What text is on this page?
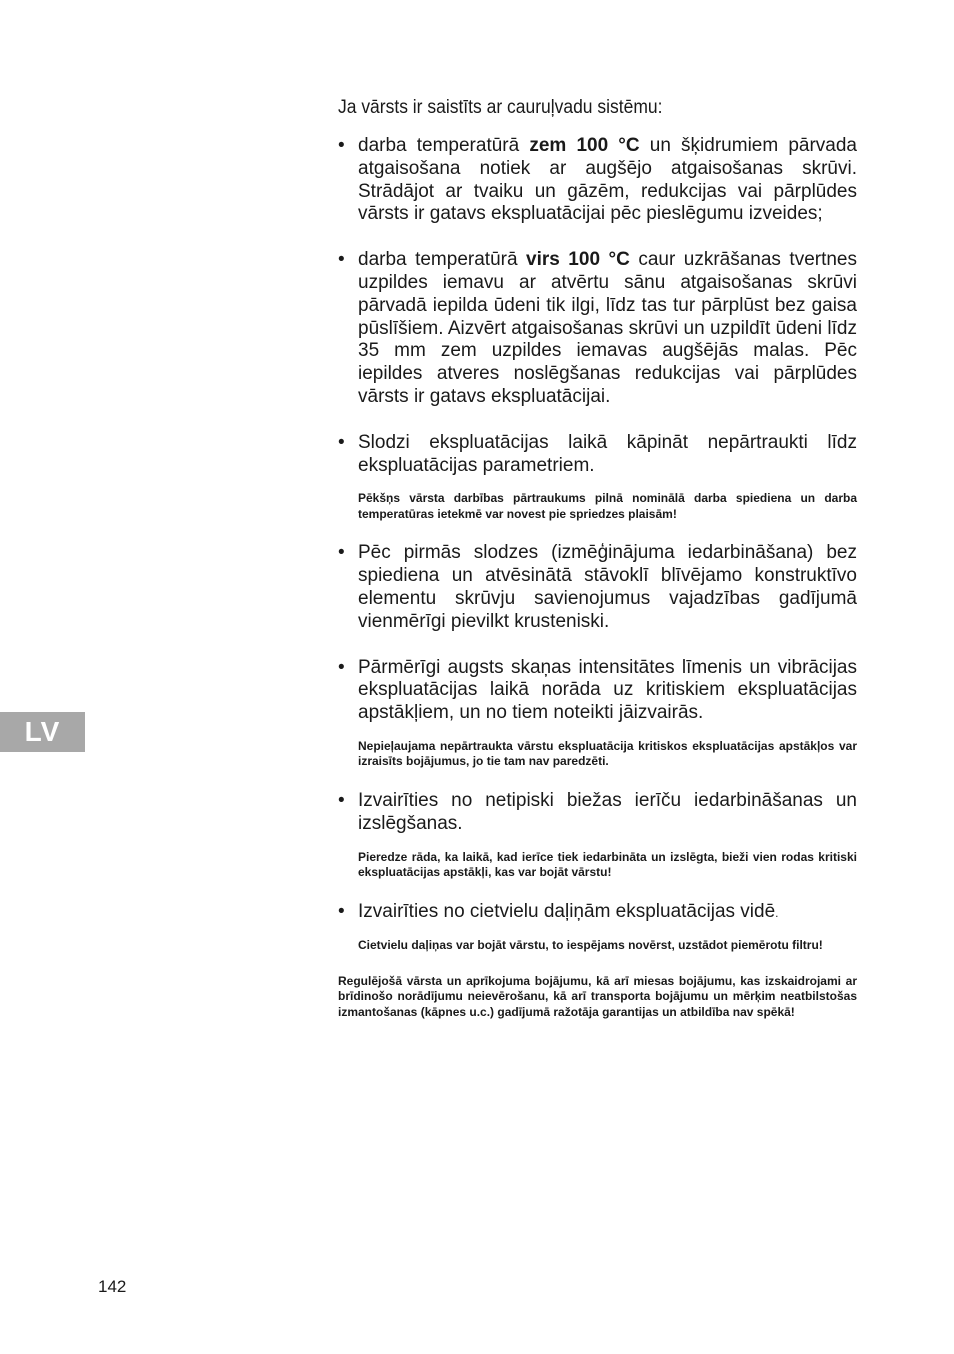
Ja vārsts ir saistīts ar cauruļvadu sistēmu:

• darba temperatūrā zem 100 °C un šķidrumiem pārvada atgaisošana notiek ar augšējo atgaisošanas skrūvi. Strādājot ar tvaiku un gāzēm, redukcijas vai pārplūdes vārsts ir gatavs ekspluatācijai pēc pieslēgumu izveides;
• darba temperatūrā virs 100 °C caur uzkrāšanas tvertnes uzpildes iemavu ar atvērtu sānu atgaisošanas skrūvi pārvadā iepilda ūdeni tik ilgi, līdz tas tur pārplūst bez gaisa pūslīšiem. Aizvērt atgaisošanas skrūvi un uzpildīt ūdeni līdz 35 mm zem uzpildes iemavas augšējās malas. Pēc iepildes atveres noslēgšanas redukcijas vai pārplūdes vārsts ir gatavs ekspluatācijai.
• Slodzi ekspluatācijas laikā kāpināt nepārtraukti līdz ekspluatācijas parametriem.
Pēkšņs vārsta darbības pārtraukums pilnā nominālā darba spiediena un darba temperatūras ietekmē var novest pie spriedzes plaisām!
• Pēc pirmās slodzes (izmēģinājuma iedarbināšana) bez spiediena un atvēsinātā stāvoklī blīvējamo konstruktīvo elementu skrūvju savienojumus vajadzības gadījumā vienmērīgi pievilkt krusteniski.
• Pārmērīgi augsts skaņas intensitātes līmenis un vibrācijas ekspluatācijas laikā norāda uz kritiskiem ekspluatācijas apstākļiem, un no tiem noteikti jāizvairās.
Nepieļaujama nepārtraukta vārstu ekspluatācija kritiskos ekspluatācijas apstākļos var izraisīts bojājumus, jo tie tam nav paredzēti.
• Izvairīties no netipiski biežas ierīču iedarbināšanas un izslēgšanas.
Pieredze rāda, ka laikā, kad ierīce tiek iedarbināta un izslēgta, bieži vien rodas kritiski ekspluatācijas apstākļi, kas var bojāt vārstu!
• Izvairīties no cietvielu daļiņām ekspluatācijas vidē.
Cietvielu daļiņas var bojāt vārstu, to iespējams novērst, uzstādot piemērotu filtru!
Regulējošā vārsta un aprīkojuma bojājumu, kā arī miesas bojājumu, kas izskaidrojami ar brīdinošo norādījumu neievērošanu, kā arī transporta bojājumu un mērķim neatbilstošas izmantošanas (kāpnes u.c.) gadījumā ražotāja garantijas un atbildība nav spēkā!
LV
142
